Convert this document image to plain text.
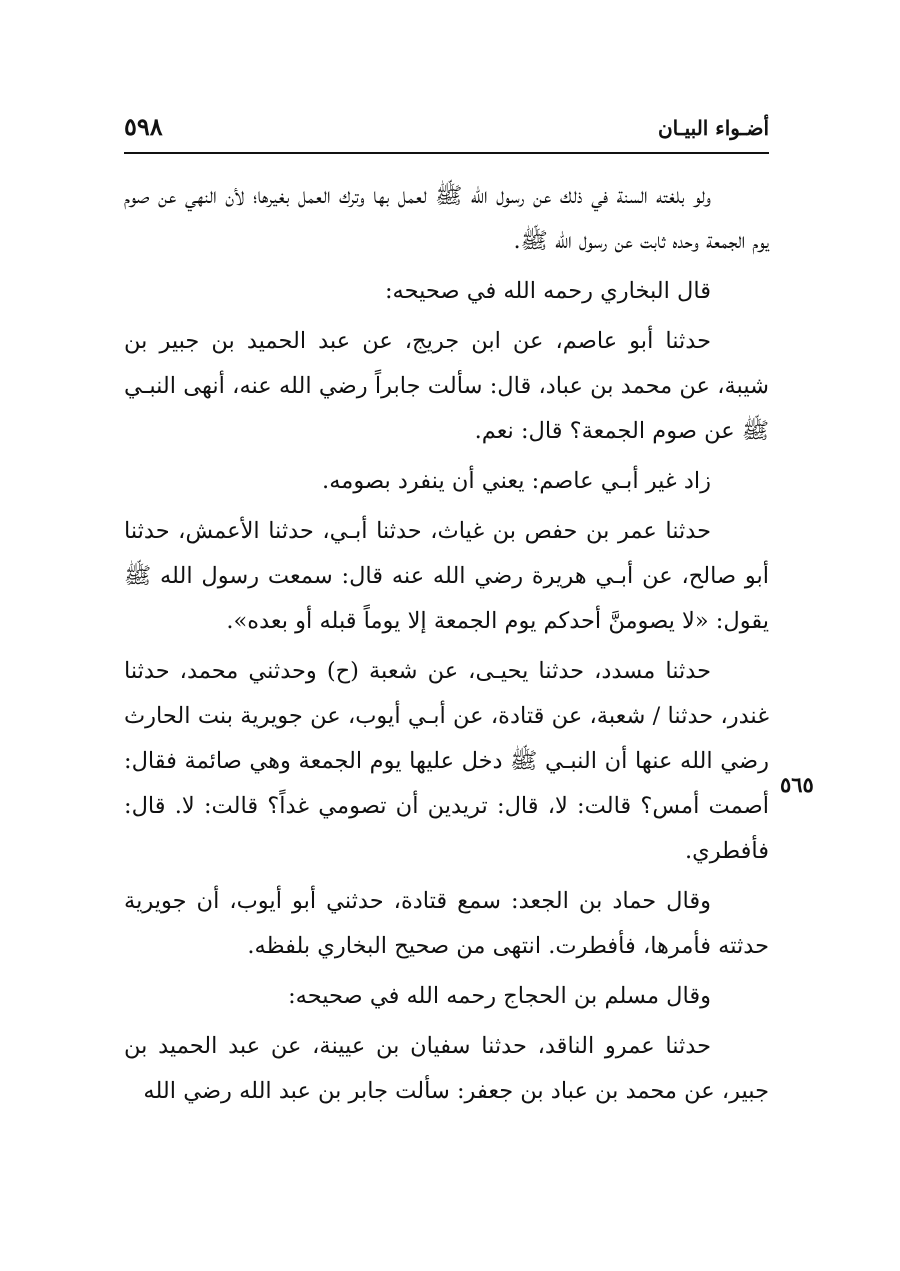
أضـواء البيـان
٥٩٨
٥٦٥

ولو بلغته السنة في ذلك عن رسول الله ﷺ لعمل بها وترك العمل بغيرها؛ لأن النهي عن صوم يوم الجمعة وحده ثابت عن رسول الله ﷺ.

قال البخاري رحمه الله في صحيحه:

حدثنا أبو عاصم، عن ابن جريج، عن عبد الحميد بن جبير بن شيبة، عن محمد بن عباد، قال: سألت جابراً رضي الله عنه، أنهى النبـي ﷺ عن صوم الجمعة؟ قال: نعم.

زاد غير أبـي عاصم: يعني أن ينفرد بصومه.

حدثنا عمر بن حفص بن غياث، حدثنا أبـي، حدثنا الأعمش، حدثنا أبو صالح، عن أبـي هريرة رضي الله عنه قال: سمعت رسول الله ﷺ يقول: «لا يصومنَّ أحدكم يوم الجمعة إلا يوماً قبله أو بعده».

حدثنا مسدد، حدثنا يحيـى، عن شعبة (ح) وحدثني محمد، حدثنا غندر، حدثنا / شعبة، عن قتادة، عن أبـي أيوب، عن جويرية بنت الحارث رضي الله عنها أن النبـي ﷺ دخل عليها يوم الجمعة وهي صائمة فقال: أصمت أمس؟ قالت: لا، قال: تريدين أن تصومي غداً؟ قالت: لا. قال: فأفطري.

وقال حماد بن الجعد: سمع قتادة، حدثني أبو أيوب، أن جويرية حدثته فأمرها، فأفطرت. انتهى من صحيح البخاري بلفظه.

وقال مسلم بن الحجاج رحمه الله في صحيحه:

حدثنا عمرو الناقد، حدثنا سفيان بن عيينة، عن عبد الحميد بن جبير، عن محمد بن عباد بن جعفر: سألت جابر بن عبد الله رضي الله
